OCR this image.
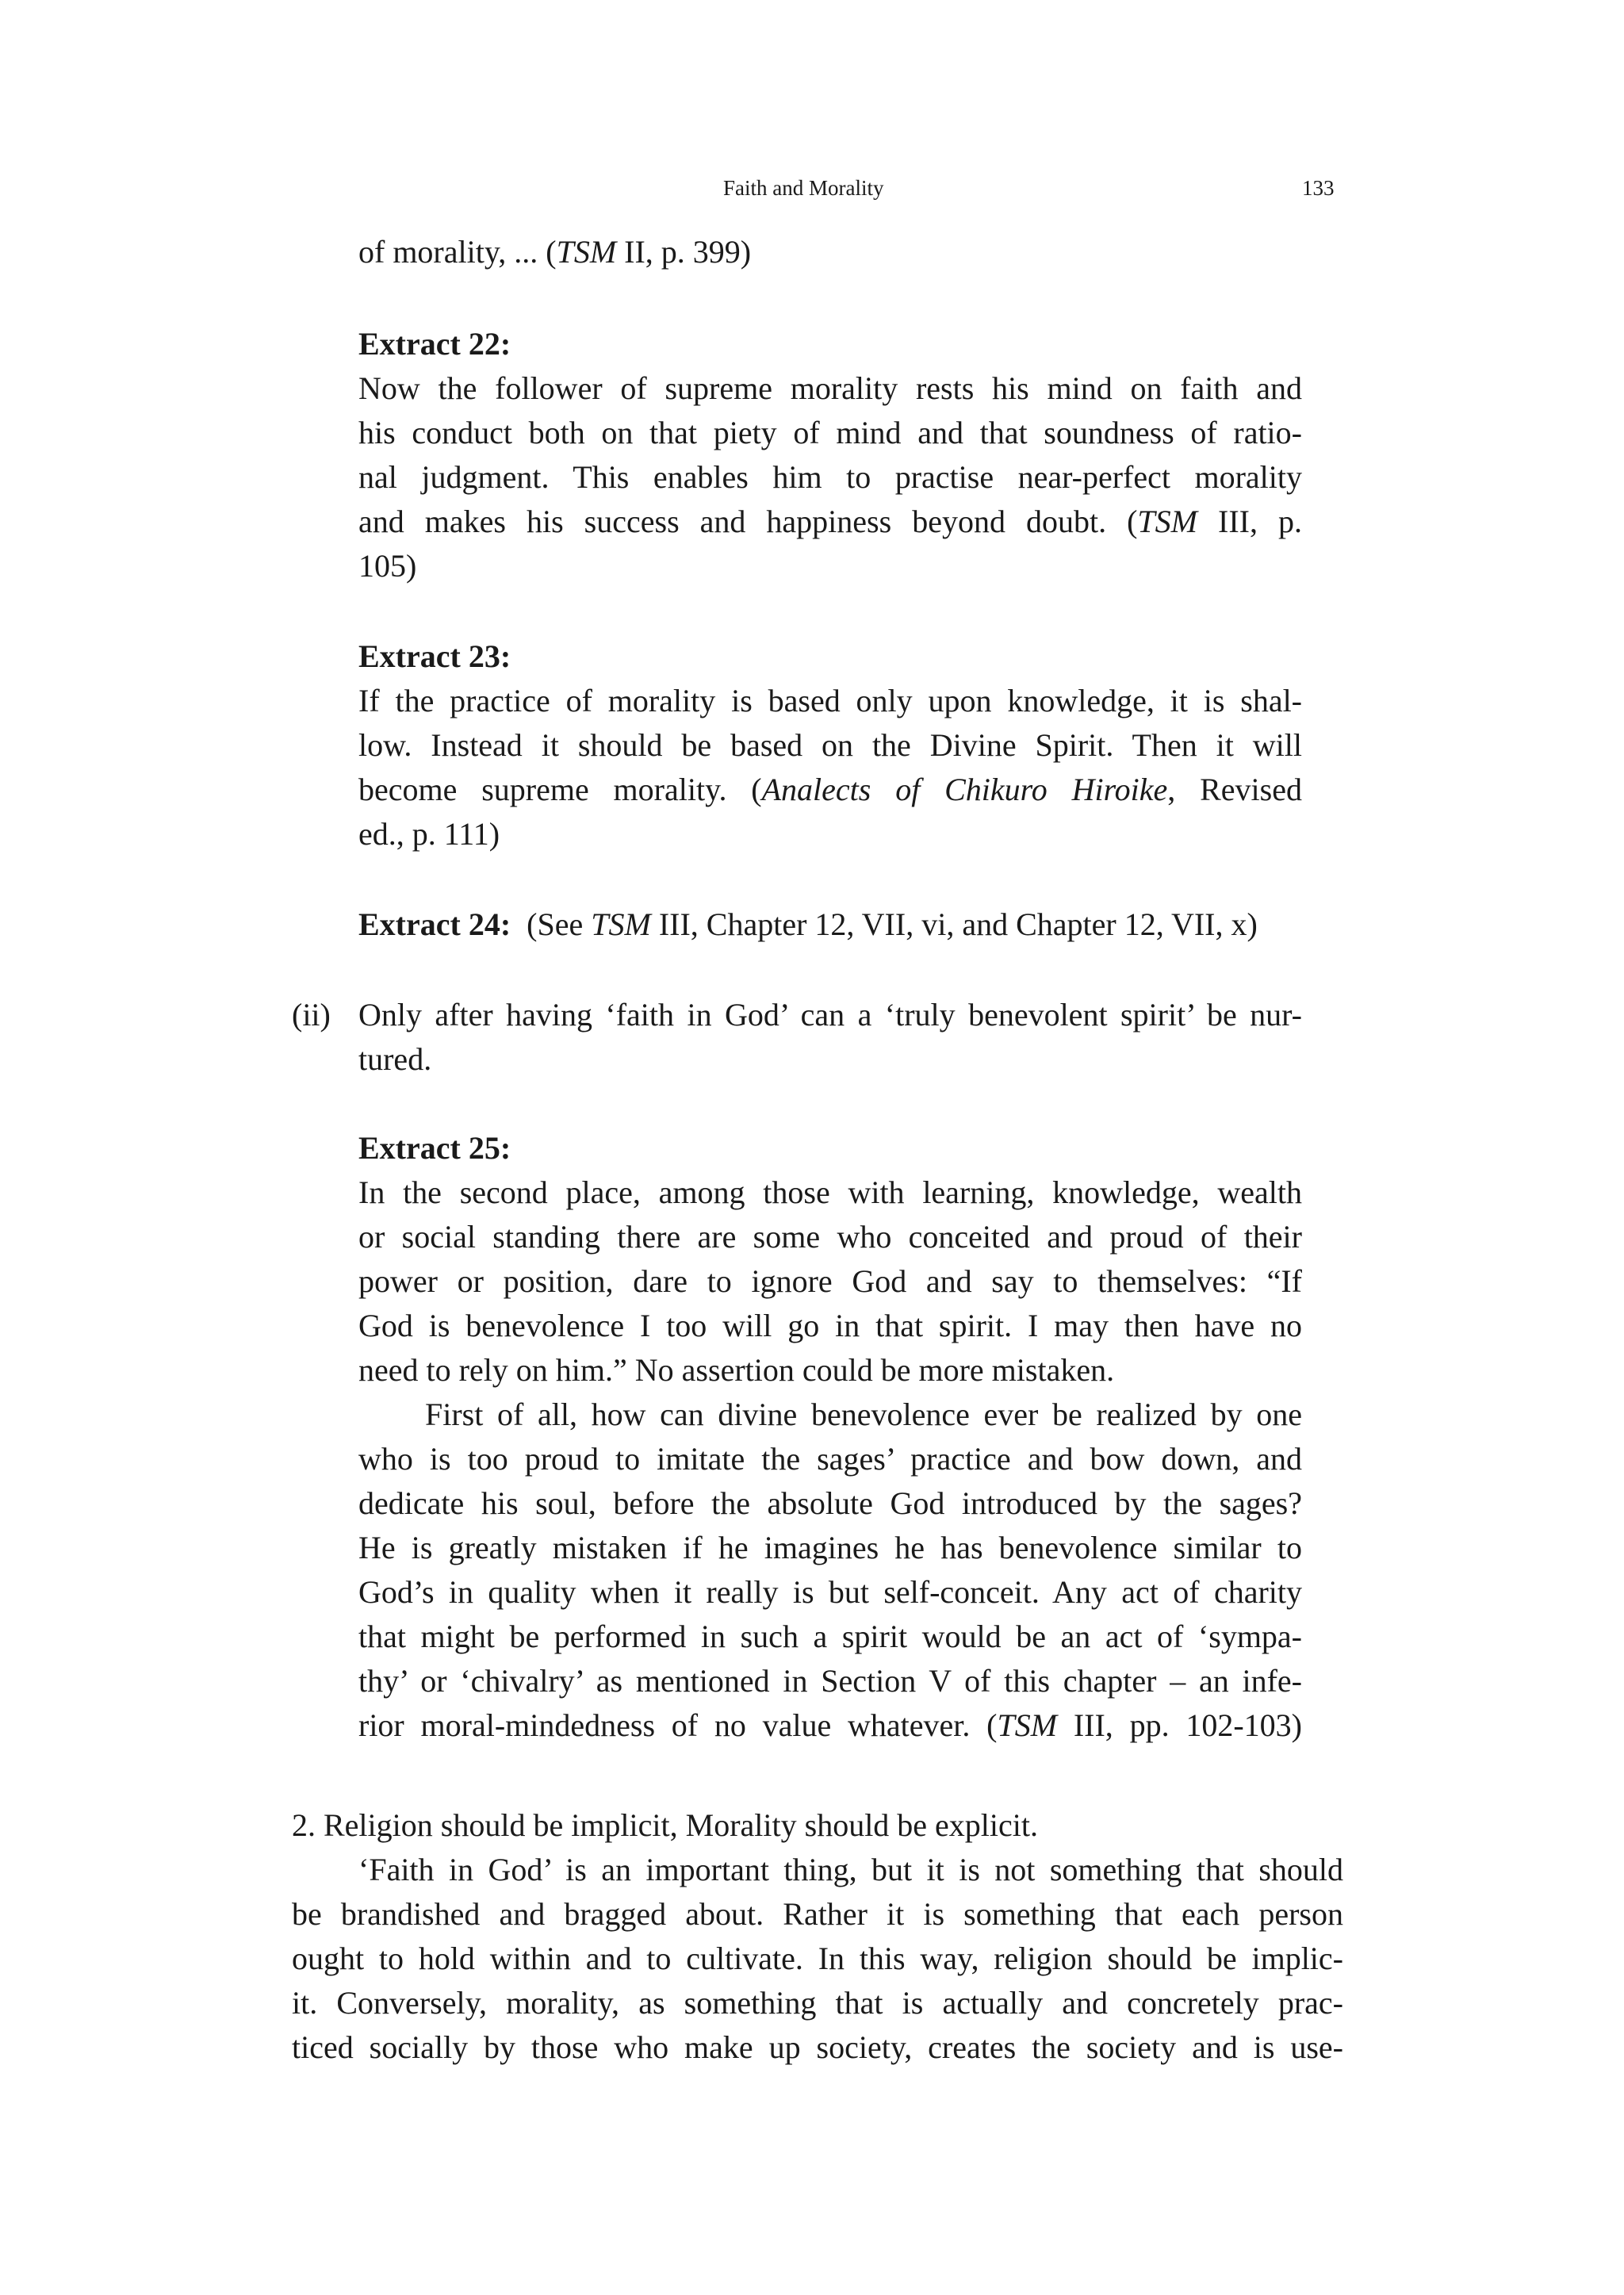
Faith and Morality	133

of morality, ... (TSM II, p. 399)

Extract 22:

Now the follower of supreme morality rests his mind on faith and
his conduct both on that piety of mind and that soundness of ratio-
nal judgment. This enables him to practise near-perfect morality
and makes his success and happiness beyond doubt. (TSM III, p.
105)

Extract 23:

If the practice of morality is based only upon knowledge, it is shal-
low. Instead it should be based on the Divine Spirit. Then it will
become supreme morality. (Analects of Chikuro Hiroike, Revised
ed., p. 111)

Extract 24: (See TSM III, Chapter 12, VII, vi, and Chapter 12, VII, x)

(ii) Only after having ‘faith in God’ can a ‘truly benevolent spirit’ be nur-
tured.

Extract 25:

In the second place, among those with learning, knowledge, wealth
or social standing there are some who conceited and proud of their
power or position, dare to ignore God and say to themselves: “If
God is benevolence I too will go in that spirit. I may then have no
need to rely on him.” No assertion could be more mistaken.
First of all, how can divine benevolence ever be realized by one
who is too proud to imitate the sages’ practice and bow down, and
dedicate his soul, before the absolute God introduced by the sages?
He is greatly mistaken if he imagines he has benevolence similar to
God’s in quality when it really is but self-conceit. Any act of charity
that might be performed in such a spirit would be an act of ‘sympa-
thy’ or ‘chivalry’ as mentioned in Section V of this chapter – an infe-
rior moral-mindedness of no value whatever. (TSM III, pp. 102-103)

2. Religion should be implicit, Morality should be explicit.

‘Faith in God’ is an important thing, but it is not something that should
be brandished and bragged about. Rather it is something that each person
ought to hold within and to cultivate. In this way, religion should be implic-
it. Conversely, morality, as something that is actually and concretely prac-
ticed socially by those who make up society, creates the society and is use-
